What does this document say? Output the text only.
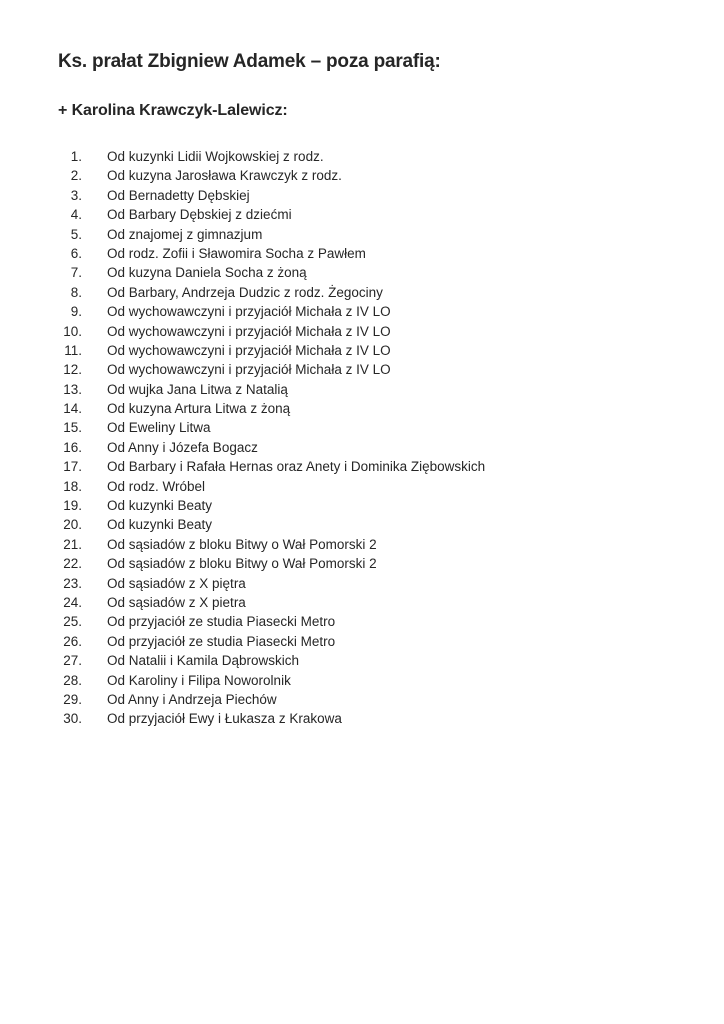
Ks. prałat Zbigniew Adamek – poza parafią:
+ Karolina Krawczyk-Lalewicz:
1. Od kuzynki Lidii Wojkowskiej z rodz.
2. Od kuzyna Jarosława Krawczyk z rodz.
3. Od Bernadetty Dębskiej
4. Od Barbary Dębskiej z dziećmi
5. Od znajomej z gimnazjum
6. Od rodz. Zofii i Sławomira Socha z Pawłem
7. Od kuzyna Daniela Socha z żoną
8. Od Barbary, Andrzeja Dudzic z rodz. Żegociny
9. Od wychowawczyni i przyjaciół Michała z IV LO
10. Od wychowawczyni i przyjaciół Michała z IV LO
11. Od wychowawczyni i przyjaciół Michała z IV LO
12. Od wychowawczyni i przyjaciół Michała z IV LO
13. Od wujka Jana Litwa z Natalią
14. Od kuzyna Artura Litwa z żoną
15. Od Eweliny Litwa
16. Od Anny i Józefa Bogacz
17. Od Barbary i Rafała Hernas oraz Anety i Dominika Ziębowskich
18. Od rodz. Wróbel
19. Od kuzynki Beaty
20. Od kuzynki Beaty
21. Od sąsiadów z bloku Bitwy o Wał Pomorski 2
22. Od sąsiadów z bloku Bitwy o Wał Pomorski 2
23. Od sąsiadów z X piętra
24. Od sąsiadów z X pietra
25. Od przyjaciół ze studia Piasecki Metro
26. Od przyjaciół ze studia Piasecki Metro
27. Od Natalii i Kamila Dąbrowskich
28. Od Karoliny i Filipa Noworolnik
29. Od Anny i Andrzeja Piechów
30. Od przyjaciół Ewy i Łukasza z Krakowa
